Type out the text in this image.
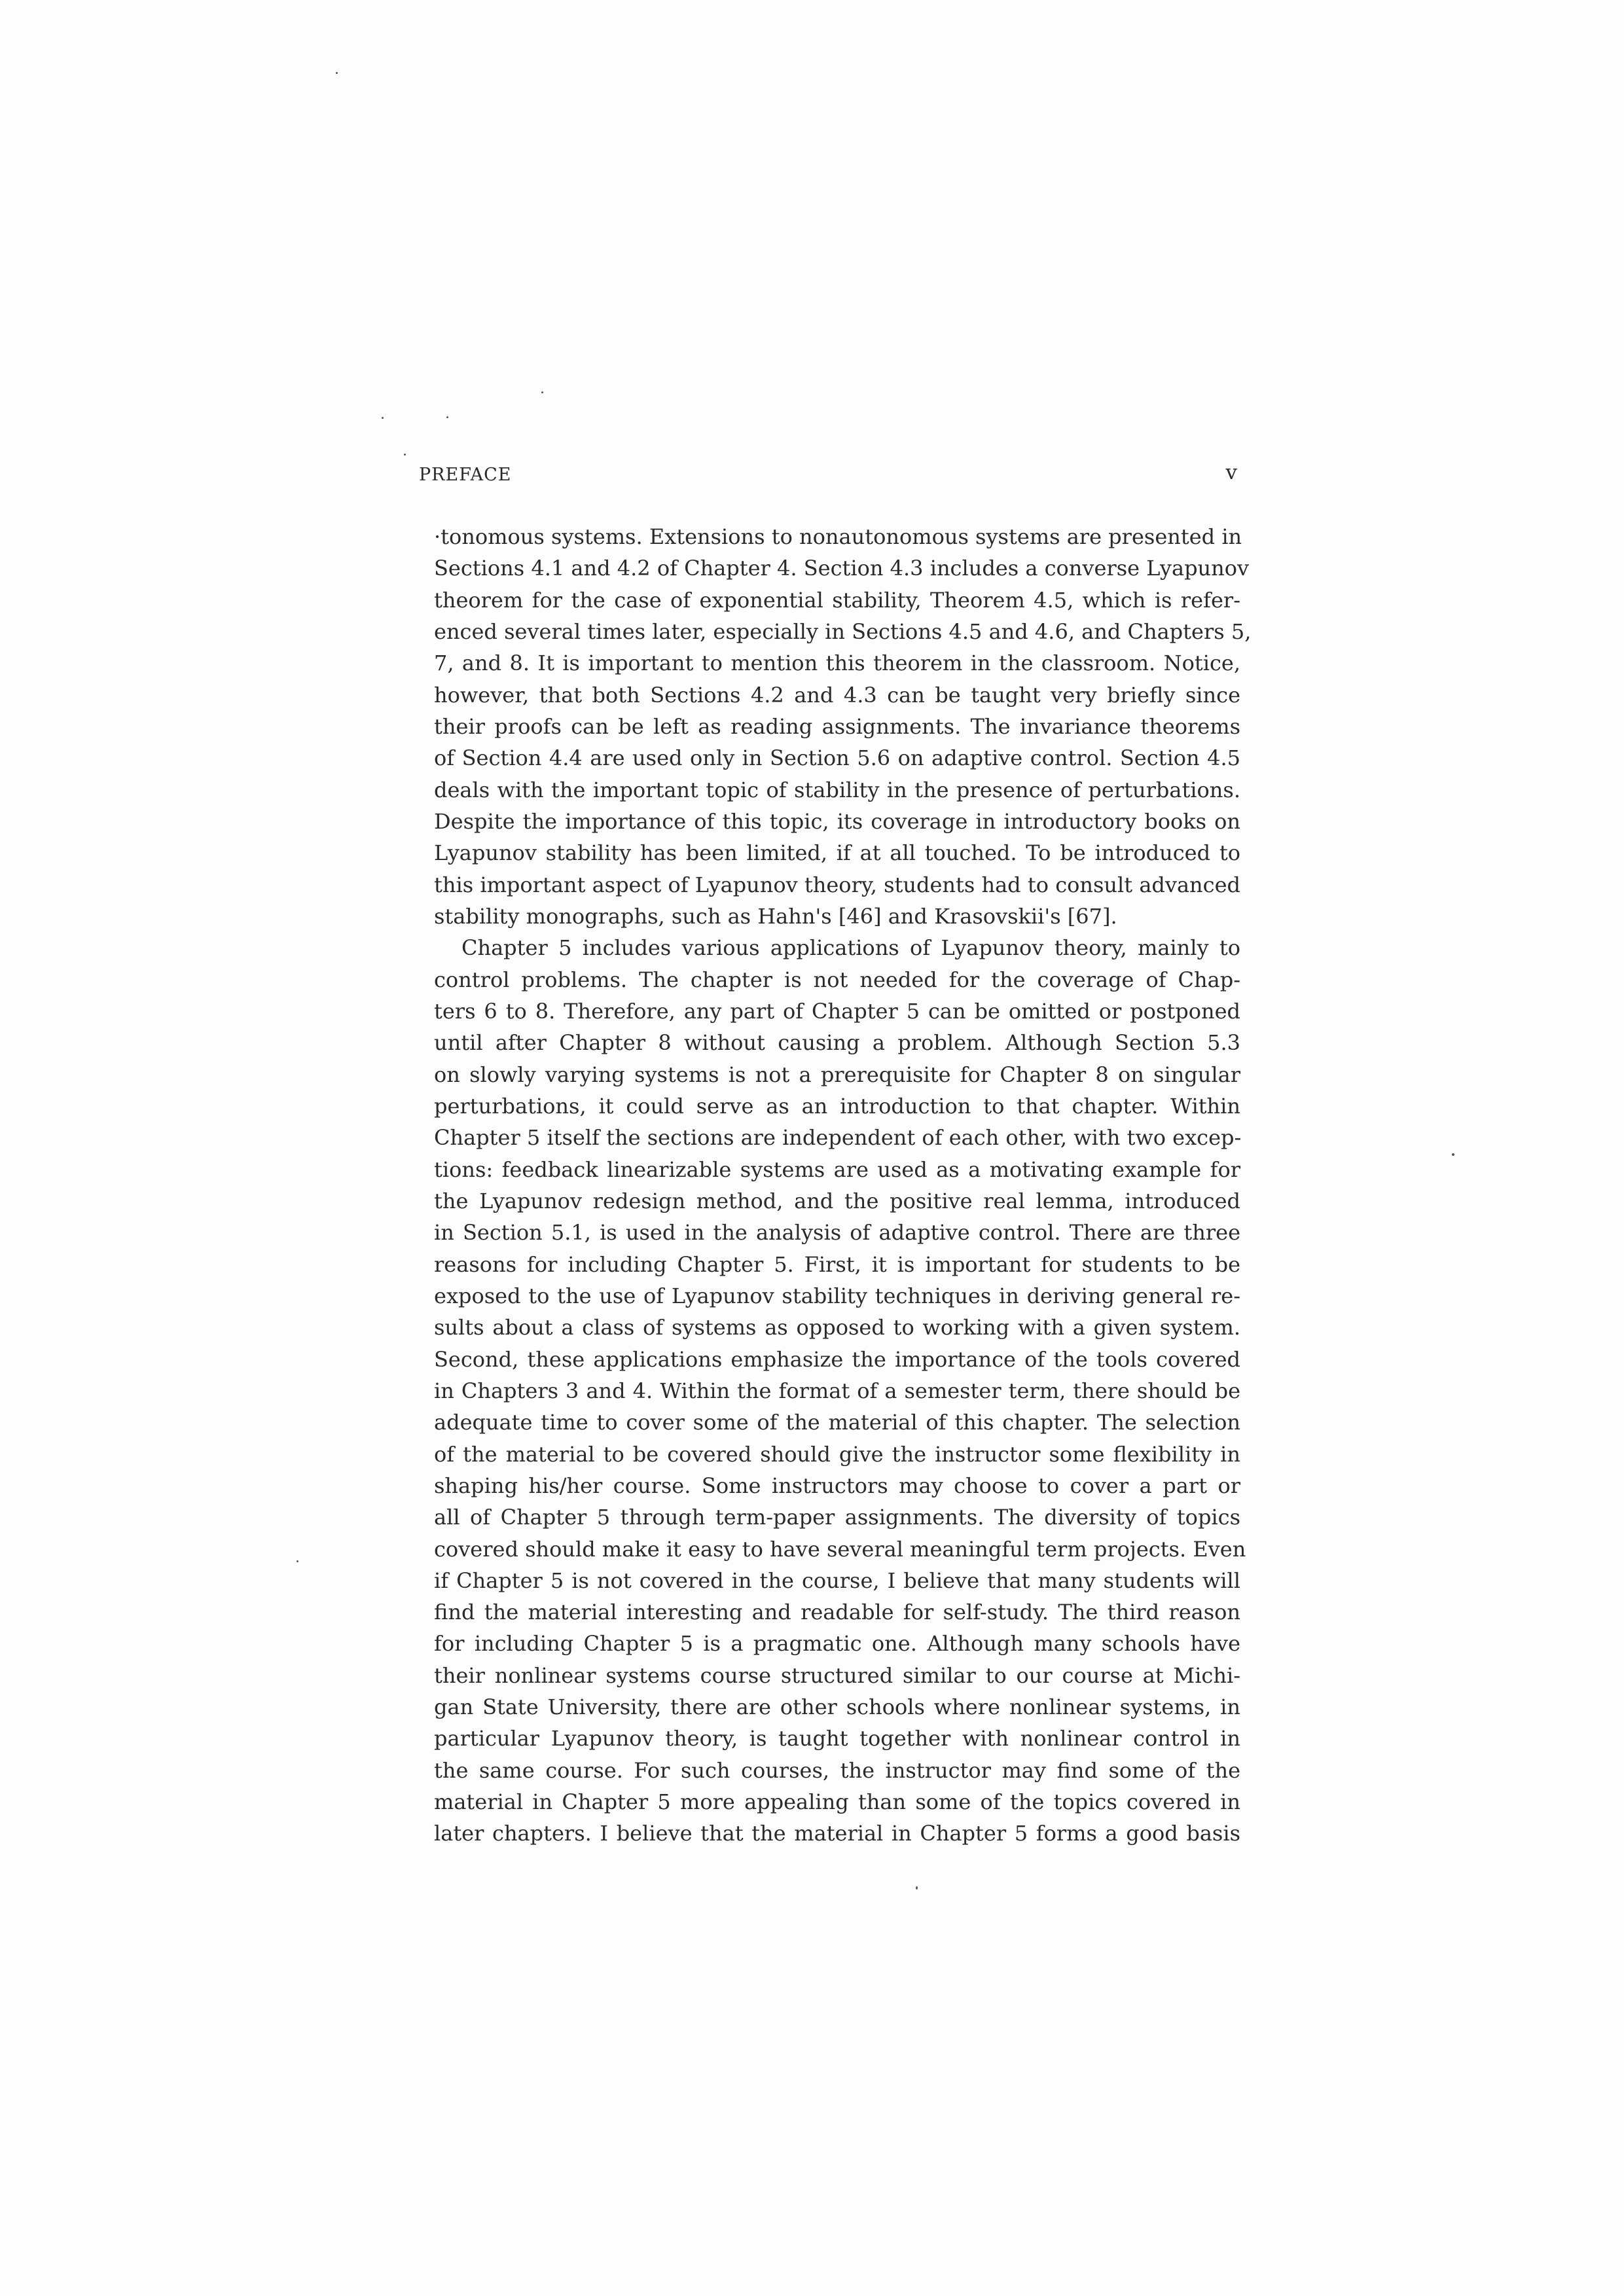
PREFACE	v
·tonomous systems. Extensions to nonautonomous systems are presented in
Sections 4.1 and 4.2 of Chapter 4. Section 4.3 includes a converse Lyapunov
theorem for the case of exponential stability, Theorem 4.5, which is refer-
enced several times later, especially in Sections 4.5 and 4.6, and Chapters 5,
7, and 8. It is important to mention this theorem in the classroom. Notice,
however, that both Sections 4.2 and 4.3 can be taught very briefly since
their proofs can be left as reading assignments. The invariance theorems
of Section 4.4 are used only in Section 5.6 on adaptive control. Section 4.5
deals with the important topic of stability in the presence of perturbations.
Despite the importance of this topic, its coverage in introductory books on
Lyapunov stability has been limited, if at all touched. To be introduced to
this important aspect of Lyapunov theory, students had to consult advanced
stability monographs, such as Hahn's [46] and Krasovskii's [67].
Chapter 5 includes various applications of Lyapunov theory, mainly to
control problems. The chapter is not needed for the coverage of Chap-
ters 6 to 8. Therefore, any part of Chapter 5 can be omitted or postponed
until after Chapter 8 without causing a problem. Although Section 5.3
on slowly varying systems is not a prerequisite for Chapter 8 on singular
perturbations, it could serve as an introduction to that chapter. Within
Chapter 5 itself the sections are independent of each other, with two excep-
tions: feedback linearizable systems are used as a motivating example for
the Lyapunov redesign method, and the positive real lemma, introduced
in Section 5.1, is used in the analysis of adaptive control. There are three
reasons for including Chapter 5. First, it is important for students to be
exposed to the use of Lyapunov stability techniques in deriving general re-
sults about a class of systems as opposed to working with a given system.
Second, these applications emphasize the importance of the tools covered
in Chapters 3 and 4. Within the format of a semester term, there should be
adequate time to cover some of the material of this chapter. The selection
of the material to be covered should give the instructor some flexibility in
shaping his/her course. Some instructors may choose to cover a part or
all of Chapter 5 through term-paper assignments. The diversity of topics
covered should make it easy to have several meaningful term projects. Even
if Chapter 5 is not covered in the course, I believe that many students will
find the material interesting and readable for self-study. The third reason
for including Chapter 5 is a pragmatic one. Although many schools have
their nonlinear systems course structured similar to our course at Michi-
gan State University, there are other schools where nonlinear systems, in
particular Lyapunov theory, is taught together with nonlinear control in
the same course. For such courses, the instructor may find some of the
material in Chapter 5 more appealing than some of the topics covered in
later chapters. I believe that the material in Chapter 5 forms a good basis
